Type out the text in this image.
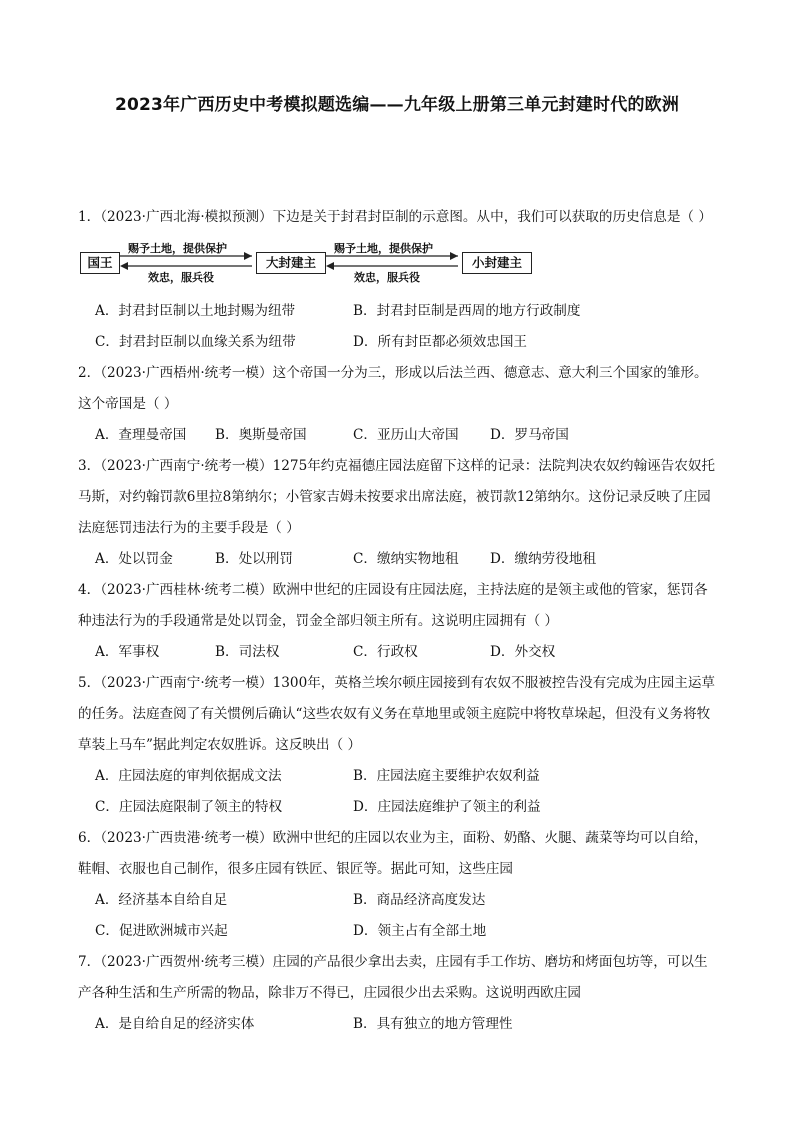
2023年广西历史中考模拟题选编——九年级上册第三单元封建时代的欧洲
1．（2023·广西北海·模拟预测）下边是关于封君封臣制的示意图。从中，我们可以获取的历史信息是（ ）
国王
赐予土地，提供保护
效忠，服兵役
大封建主
赐予土地，提供保护
效忠，服兵役
小封建主
A．封君封臣制以土地封赐为纽带	B．封君封臣制是西周的地方行政制度
C．封君封臣制以血缘关系为纽带	D．所有封臣都必须效忠国王
2．（2023·广西梧州·统考一模）这个帝国一分为三，形成以后法兰西、德意志、意大利三个国家的雏形。这个帝国是（ ）
A．查理曼帝国 B．奥斯曼帝国	C．亚历山大帝国 D．罗马帝国
3．（2023·广西南宁·统考一模）1275年约克福德庄园法庭留下这样的记录：法院判决农奴约翰诬告农奴托马斯，对约翰罚款6里拉8第纳尔；小管家吉姆未按要求出席法庭，被罚款12第纳尔。这份记录反映了庄园法庭惩罚违法行为的主要手段是（ ）
A．处以罚金	B．处以刑罚	C．缴纳实物地租 D．缴纳劳役地租
4．（2023·广西桂林·统考二模）欧洲中世纪的庄园设有庄园法庭，主持法庭的是领主或他的管家，惩罚各种违法行为的手段通常是处以罚金，罚金全部归领主所有。这说明庄园拥有（ ）
A．军事权	B．司法权	C．行政权	D．外交权
5．（2023·广西南宁·统考一模）1300年，英格兰埃尔顿庄园接到有农奴不服被控告没有完成为庄园主运草的任务。法庭查阅了有关惯例后确认“这些农奴有义务在草地里或领主庭院中将牧草垛起，但没有义务将牧草装上马车”据此判定农奴胜诉。这反映出（ ）
A．庄园法庭的审判依据成文法	B．庄园法庭主要维护农奴利益
C．庄园法庭限制了领主的特权	D．庄园法庭维护了领主的利益
6．（2023·广西贵港·统考一模）欧洲中世纪的庄园以农业为主，面粉、奶酪、火腿、蔬菜等均可以自给，鞋帽、衣服也自己制作，很多庄园有铁匠、银匠等。据此可知，这些庄园
A．经济基本自给自足	B．商品经济高度发达
C．促进欧洲城市兴起	D．领主占有全部土地
7．（2023·广西贺州·统考三模）庄园的产品很少拿出去卖，庄园有手工作坊、磨坊和烤面包坊等，可以生产各种生活和生产所需的物品，除非万不得已，庄园很少出去采购。这说明西欧庄园
A．是自给自足的经济实体	B．具有独立的地方管理性
